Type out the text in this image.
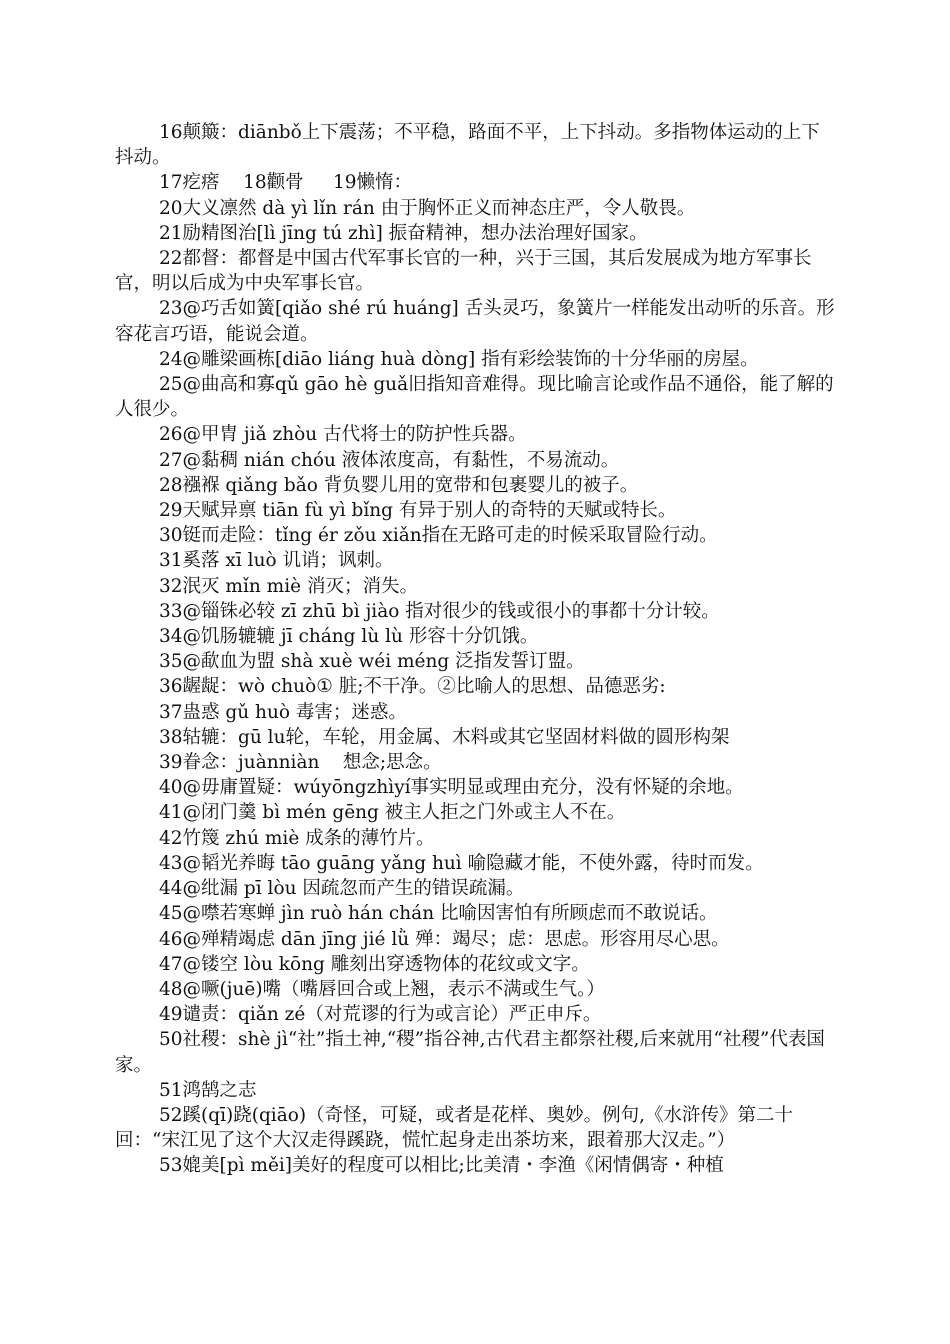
16颠簸：diānbǒ上下震荡；不平稳，路面不平，上下抖动。多指物体运动的上下抖动。

17疙瘩    18颧骨     19懒惰：

20大义凛然 dà yì lǐn rán 由于胸怀正义而神态庄严，令人敬畏。

21励精图治[lì jīng tú zhì] 振奋精神，想办法治理好国家。

22都督：都督是中国古代军事长官的一种，兴于三国，其后发展成为地方军事长官，明以后成为中央军事长官。

23@巧舌如簧[qiǎo shé rú huáng] 舌头灵巧，象簧片一样能发出动听的乐音。形容花言巧语，能说会道。

24@雕梁画栋[diāo liáng huà dòng] 指有彩绘装饰的十分华丽的房屋。

25@曲高和寡qǔ gāo hè guǎ旧指知音难得。现比喻言论或作品不通俗，能了解的人很少。

26@甲胄 jiǎ zhòu 古代将士的防护性兵器。

27@黏稠 nián chóu 液体浓度高，有黏性，不易流动。

28襁褓 qiǎng bǎo 背负婴儿用的宽带和包裹婴儿的被子。

29天赋异禀 tiān fù yì bǐng 有异于别人的奇特的天赋或特长。

30铤而走险：tǐng ér zǒu xiǎn指在无路可走的时候采取冒险行动。

31奚落 xī luò 讥诮；讽刺。

32泯灭 mǐn miè 消灭；消失。

33@锱铢必较 zī zhū bì jiào 指对很少的钱或很小的事都十分计较。

34@饥肠辘辘 jī cháng lù lù 形容十分饥饿。

35@歃血为盟 shà xuè wéi méng 泛指发誓订盟。

36龌龊：wò chuò① 脏;不干净。②比喻人的思想、品德恶劣:

37蛊惑 gǔ huò 毒害；迷惑。

38轱辘：gū lu轮，车轮，用金属、木料或其它坚固材料做的圆形构架

39眷念：juànniàn    想念;思念。

40@毋庸置疑：wúyōngzhìyí事实明显或理由充分，没有怀疑的余地。

41@闭门羹 bì mén gēng 被主人拒之门外或主人不在。

42竹篾 zhú miè 成条的薄竹片。

43@韬光养晦 tāo guāng yǎng huì 喻隐藏才能，不使外露，待时而发。

44@纰漏 pī lòu 因疏忽而产生的错误疏漏。

45@噤若寒蝉 jìn ruò hán chán 比喻因害怕有所顾虑而不敢说话。

46@殚精竭虑 dān jīng jié lǜ 殚：竭尽；虑：思虑。形容用尽心思。

47@镂空 lòu kōng 雕刻出穿透物体的花纹或文字。

48@噘(juē)嘴（嘴唇回合或上翘，表示不满或生气。）

49谴责：qiǎn zé（对荒谬的行为或言论）严正申斥。

50社稷：shè jì“社”指土神,“稷”指谷神,古代君主都祭社稷,后来就用“社稷”代表国家。

51鸿鹄之志

52蹊(qī)跷(qiāo)（奇怪，可疑，或者是花样、奥妙。例句,《水浒传》第二十回：“宋江见了这个大汉走得蹊跷，慌忙起身走出茶坊来，跟着那大汉走。”）

53媲美[pì měi]美好的程度可以相比;比美清・李渔《闲情偶寄・种植
